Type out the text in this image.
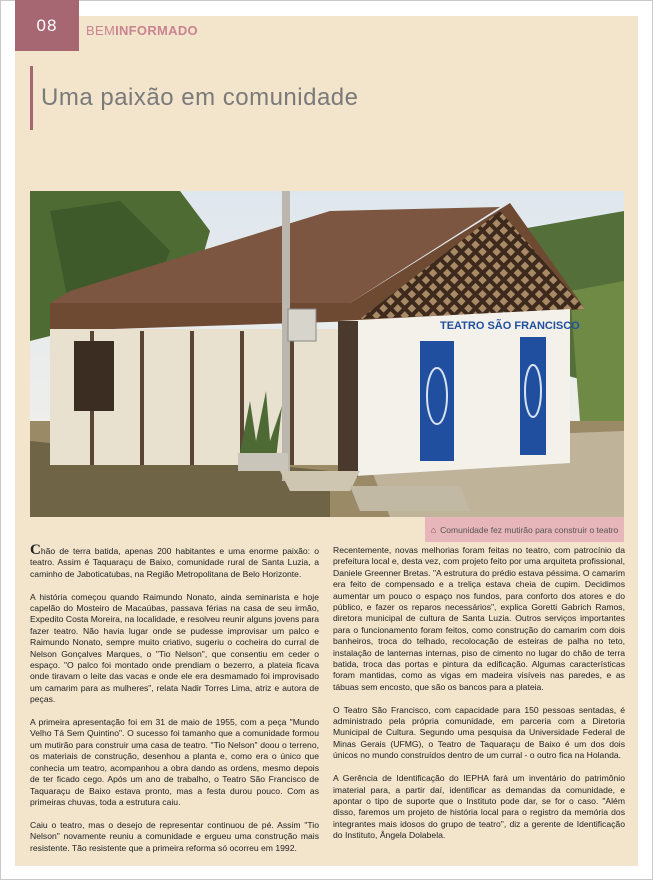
08	BEMINFORMADO
Uma paixão em comunidade
TEATRO SÃO FRANCISCO
⌂ Comunidade fez mutirão para construir o teatro

Chão de terra batida, apenas 200 habitantes e uma enorme paixão: o teatro. Assim é Taquaraçu de Baixo, comunidade rural de Santa Luzia, a caminho de Jaboticatubas, na Região Metropolitana de Belo Horizonte.

A história começou quando Raimundo Nonato, ainda seminarista e hoje capelão do Mosteiro de Macaúbas, passava férias na casa de seu irmão, Expedito Costa Moreira, na localidade, e resolveu reunir alguns jovens para fazer teatro. Não havia lugar onde se pudesse improvisar um palco e Raimundo Nonato, sempre muito criativo, sugeriu o cocheira do curral de Nelson Gonçalves Marques, o "Tio Nelson", que consentiu em ceder o espaço. "O palco foi montado onde prendiam o bezerro, a plateia ficava onde tiravam o leite das vacas e onde ele era desmamado foi improvisado um camarim para as mulheres", relata Nadir Torres Lima, atriz e autora de peças.

A primeira apresentação foi em 31 de maio de 1955, com a peça "Mundo Velho Tá Sem Quintino". O sucesso foi tamanho que a comunidade formou um mutirão para construir uma casa de teatro. "Tio Nelson" doou o terreno, os materiais de construção, desenhou a planta e, como era o único que conhecia um teatro, acompanhou a obra dando as ordens, mesmo depois de ter ficado cego. Após um ano de trabalho, o Teatro São Francisco de Taquaraçu de Baixo estava pronto, mas a festa durou pouco. Com as primeiras chuvas, toda a estrutura caiu.

Caiu o teatro, mas o desejo de representar continuou de pé. Assim "Tio Nelson" novamente reuniu a comunidade e ergueu uma construção mais resistente. Tão resistente que a primeira reforma só ocorreu em 1992.

Recentemente, novas melhorias foram feitas no teatro, com patrocínio da prefeitura local e, desta vez, com projeto feito por uma arquiteta profissional, Daniele Greenner Bretas. "A estrutura do prédio estava péssima. O camarim era feito de compensado e a treliça estava cheia de cupim. Decidimos aumentar um pouco o espaço nos fundos, para conforto dos atores e do público, e fazer os reparos necessários", explica Goretti Gabrich Ramos, diretora municipal de cultura de Santa Luzia. Outros serviços importantes para o funcionamento foram feitos, como construção do camarim com dois banheiros, troca do telhado, recolocação de esteiras de palha no teto, instalação de lanternas internas, piso de cimento no lugar do chão de terra batida, troca das portas e pintura da edificação. Algumas características foram mantidas, como as vigas em madeira visíveis nas paredes, e as tábuas sem encosto, que são os bancos para a plateia.

O Teatro São Francisco, com capacidade para 150 pessoas sentadas, é administrado pela própria comunidade, em parceria com a Diretoria Municipal de Cultura. Segundo uma pesquisa da Universidade Federal de Minas Gerais (UFMG), o Teatro de Taquaraçu de Baixo é um dos dois únicos no mundo construídos dentro de um curral - o outro fica na Holanda.

A Gerência de Identificação do IEPHA fará um inventário do patrimônio imaterial para, a partir daí, identificar as demandas da comunidade, e apontar o tipo de suporte que o Instituto pode dar, se for o caso. "Além disso, faremos um projeto de história local para o registro da memória dos integrantes mais idosos do grupo de teatro", diz a gerente de Identificação do Instituto, Ângela Dolabela.
